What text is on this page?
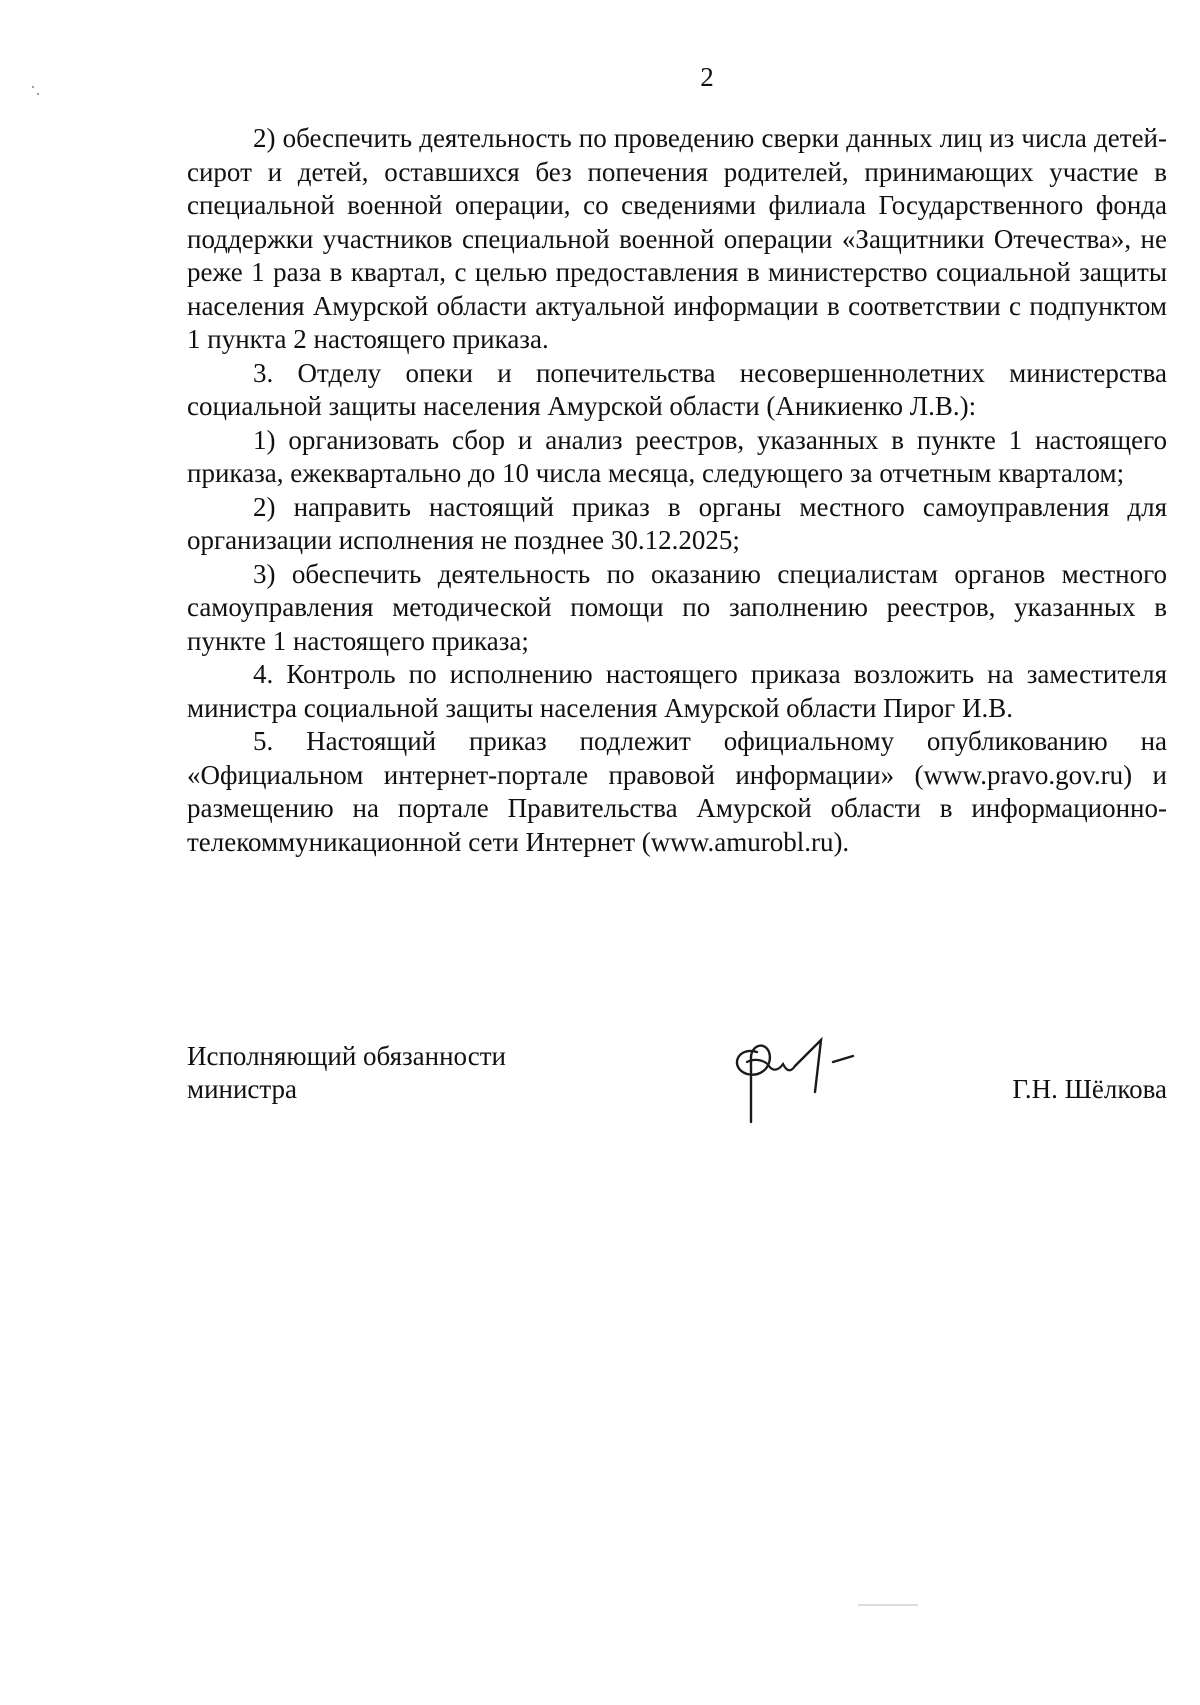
2

2) обеспечить деятельность по проведению сверки данных лиц из числа детей-сирот и детей, оставшихся без попечения родителей, принимающих участие в специальной военной операции, со сведениями филиала Государственного фонда поддержки участников специальной военной операции «Защитники Отечества», не реже 1 раза в квартал, с целью предоставления в министерство социальной защиты населения Амурской области актуальной информации в соответствии с подпунктом 1 пункта 2 настоящего приказа.

3. Отделу опеки и попечительства несовершеннолетних министерства социальной защиты населения Амурской области (Аникиенко Л.В.):

1) организовать сбор и анализ реестров, указанных в пункте 1 настоящего приказа, ежеквартально до 10 числа месяца, следующего за отчетным кварталом;

2) направить настоящий приказ в органы местного самоуправления для организации исполнения не позднее 30.12.2025;

3) обеспечить деятельность по оказанию специалистам органов местного самоуправления методической помощи по заполнению реестров, указанных в пункте 1 настоящего приказа;

4. Контроль по исполнению настоящего приказа возложить на заместителя министра социальной защиты населения Амурской области Пирог И.В.

5. Настоящий приказ подлежит официальному опубликованию на «Официальном интернет-портале правовой информации» (www.pravo.gov.ru) и размещению на портале Правительства Амурской области в информационно-телекоммуникационной сети Интернет (www.amurobl.ru).

Исполняющий обязанности
министра	Г.Н. Шёлкова
